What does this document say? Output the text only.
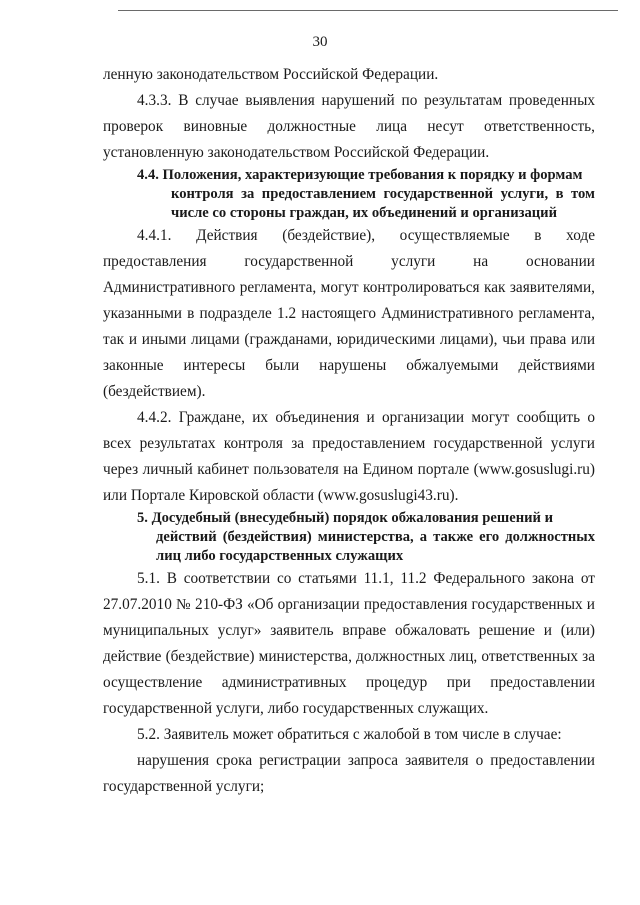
30

ленную законодательством Российской Федерации.

4.3.3. В случае выявления нарушений по результатам проведенных проверок виновные должностные лица несут ответственность, установленную законодательством Российской Федерации.

4.4. Положения, характеризующие требования к порядку и формам
контроля за предоставлением государственной услуги, в том числе со стороны граждан, их объединений и организаций

4.4.1. Действия (бездействие), осуществляемые в ходе предоставления государственной услуги на основании Административного регламента, могут контролироваться как заявителями, указанными в подразделе 1.2 настоящего Административного регламента, так и иными лицами (гражданами, юридическими лицами), чьи права или законные интересы были нарушены обжалуемыми действиями (бездействием).

4.4.2. Граждане, их объединения и организации могут сообщить о всех результатах контроля за предоставлением государственной услуги через личный кабинет пользователя на Едином портале (www.gosuslugi.ru) или Портале Кировской области (www.gosuslugi43.ru).

5. Досудебный (внесудебный) порядок обжалования решений и
действий (бездействия) министерства, а также его должностных лиц либо государственных служащих

5.1. В соответствии со статьями 11.1, 11.2 Федерального закона от 27.07.2010 № 210-ФЗ «Об организации предоставления государственных и муниципальных услуг» заявитель вправе обжаловать решение и (или) действие (бездействие) министерства, должностных лиц, ответственных за осуществление административных процедур при предоставлении государственной услуги, либо государственных служащих.

5.2. Заявитель может обратиться с жалобой в том числе в случае:

нарушения срока регистрации запроса заявителя о предоставлении государственной услуги;
